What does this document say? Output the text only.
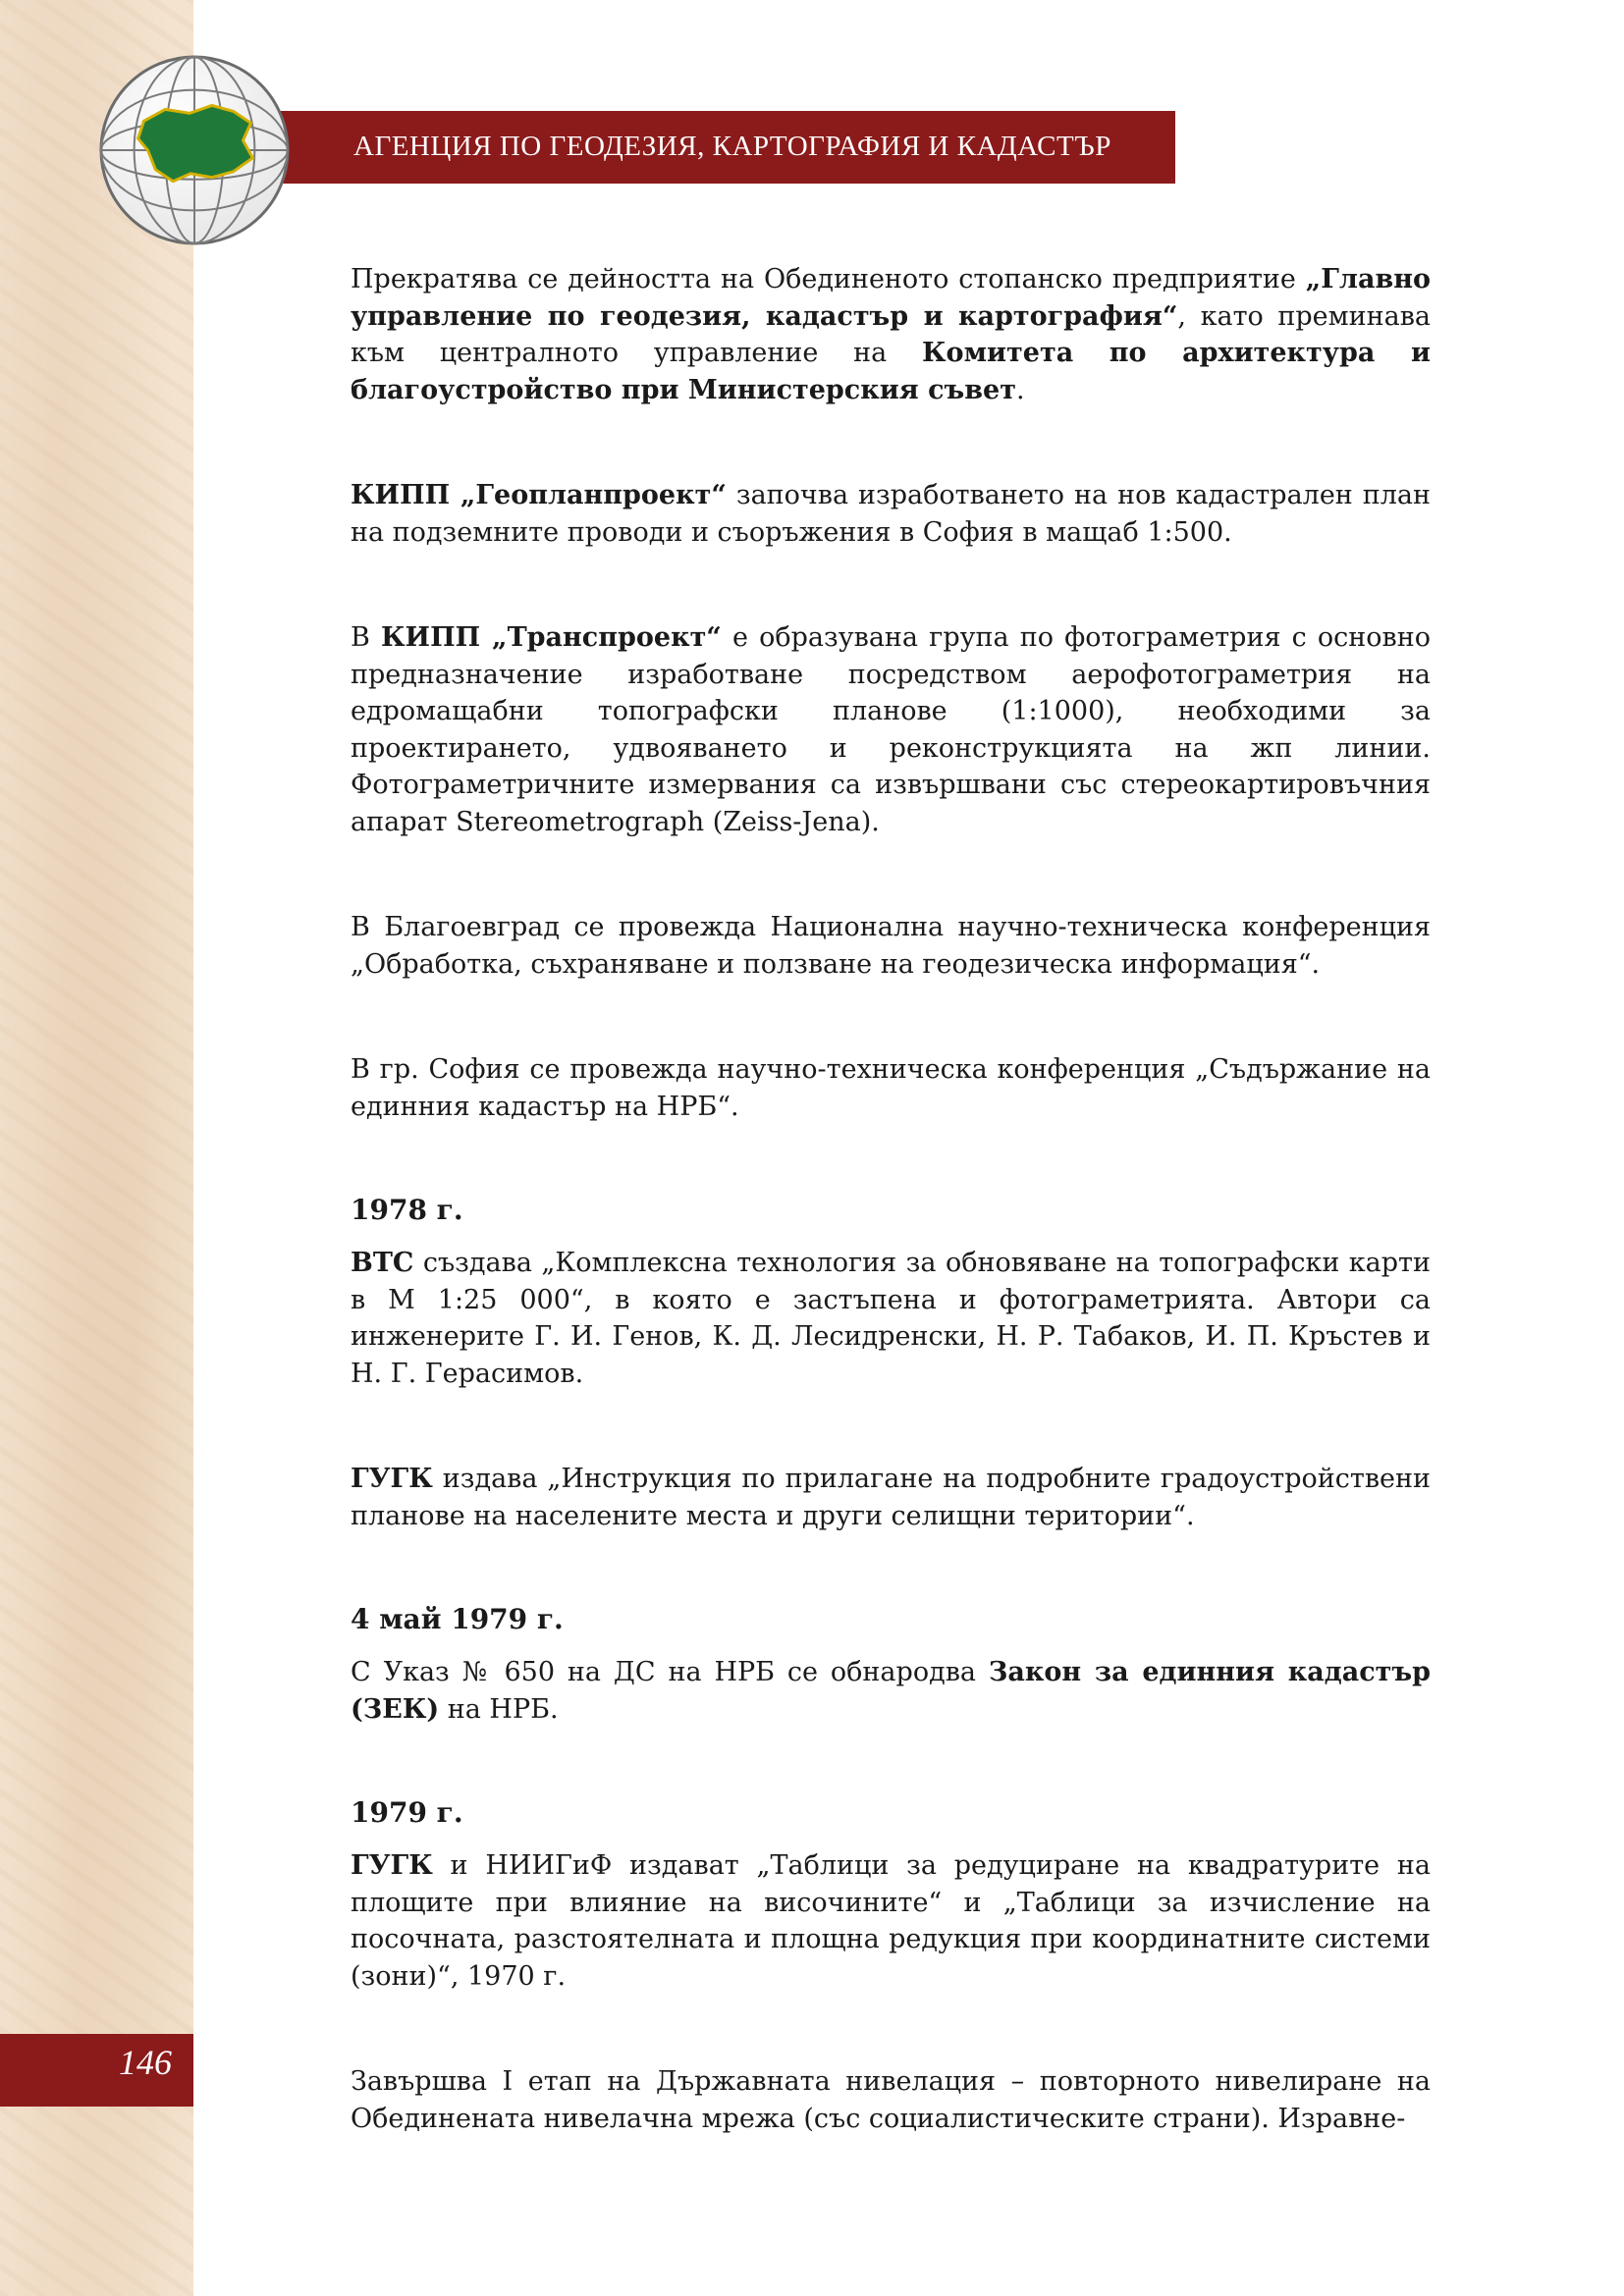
АГЕНЦИЯ ПО ГЕОДЕЗИЯ, КАРТОГРАФИЯ И КАДАСТЪР
146

Прекратява се дейността на Обединеното стопанско предприятие „Главно управление по геодезия, кадастър и картография“, като преминава към централното управление на Комитета по архитектура и благоустройство при Министерския съвет.

КИПП „Геопланпроект“ започва изработването на нов кадастрален план на подземните проводи и съоръжения в София в мащаб 1:500.

В КИПП „Транспроект“ е образувана група по фотограметрия с основно предназначение изработване посредством аерофотограметрия на едромащабни топографски планове (1:1000), необходими за проектирането, удвояването и реконструкцията на жп линии. Фотограметричните измервания са извършвани със стереокартировъчния апарат Stereometrograph (Zeiss-Jena).

В Благоевград се провежда Национална научно-техническа конференция „Обработка, съхраняване и ползване на геодезическа информация“.

В гр. София се провежда научно-техническа конференция „Съдържание на единния кадастър на НРБ“.

1978 г.

ВТС създава „Комплексна технология за обновяване на топографски карти в М 1:25 000“, в която е застъпена и фотограметрията. Автори са инженерите Г. И. Генов, К. Д. Лесидренски, Н. Р. Табаков, И. П. Кръстев и Н. Г. Герасимов.

ГУГК издава „Инструкция по прилагане на подробните градоустройствени планове на населените места и други селищни територии“.

4 май 1979 г.

С Указ № 650 на ДС на НРБ се обнародва Закон за единния кадастър (ЗЕК) на НРБ.

1979 г.

ГУГК и НИИГиФ издават „Таблици за редуциране на квадратурите на площите при влияние на височините“ и „Таблици за изчисление на посочната, разстоятелната и площна редукция при координатните системи (зони)“, 1970 г.

Завършва I етап на Държавната нивелация – повторното нивелиране на Обединената нивелачна мрежа (със социалистическите страни). Изравне-
